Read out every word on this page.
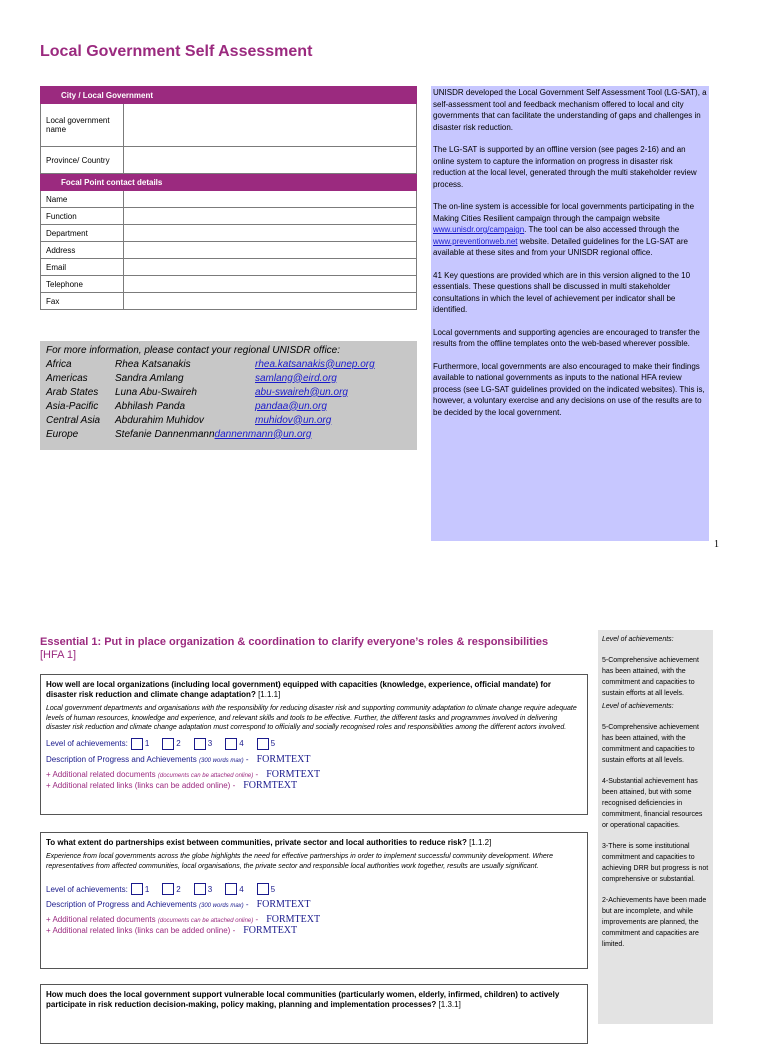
Local Government Self Assessment
City / Local Government	
Local government name	
Province/ Country	
Focal Point contact details	
Name	
Function	
Department	
Address	
Email	
Telephone	
Fax	
For more information, please contact your regional UNISDR office:
Africa	Rhea Katsanakis	rhea.katsanakis@unep.org
Americas	Sandra Amlang	samlang@eird.org
Arab States	Luna Abu-Swaireh	abu-swaireh@un.org
Asia-Pacific	Abhilash Panda	pandaa@un.org
Central Asia	Abdurahim Muhidov	muhidov@un.org
Europe	Stefanie Dannenmann dannenmann@un.org

UNISDR developed the Local Government Self Assessment Tool (LG-SAT), a self-assessment tool and feedback mechanism offered to local and city governments that can facilitate the understanding of gaps and challenges in disaster risk reduction.

The LG-SAT is supported by an offline version (see pages 2-16) and an online system to capture the information on progress in disaster risk reduction at the local level, generated through the multi stakeholder review process.

The on-line system is accessible for local governments participating in the Making Cities Resilient campaign through the campaign website www.unisdr.org/campaign. The tool can be also accessed through the www.preventionweb.net website. Detailed guidelines for the LG-SAT are available at these sites and from your UNISDR regional office.

41 Key questions are provided which are in this version aligned to the 10 essentials. These questions shall be discussed in multi stakeholder consultations in which the level of achievement per indicator shall be identified.

Local governments and supporting agencies are encouraged to transfer the results from the offline templates onto the web-based wherever possible.

Furthermore, local governments are also encouraged to make their findings available to national governments as inputs to the national HFA review process (see LG-SAT guidelines provided on the indicated websites). This is, however, a voluntary exercise and any decisions on use of the results are to be decided by the local government.

1
Essential 1: Put in place organization & coordination to clarify everyone’s roles & responsibilities [HFA 1]
How well are local organizations (including local government) equipped with capacities (knowledge, experience, official mandate) for disaster risk reduction and climate change adaptation? [1.1.1]
Local government departments and organisations with the responsibility for reducing disaster risk and supporting community adaptation to climate change require adequate levels of human resources, knowledge and experience, and relevant skills and tools to be effective. Further, the different tasks and programmes involved in delivering disaster risk reduction and climate change adaptation must correspond to officially and socially recognised roles and responsibilities among the different actors involved.
Level of achievements: 1	2	3	4	5
Description of Progress and Achievements (300 words max) - FORMTEXT
+ Additional related documents (documents can be attached online) - FORMTEXT
+ Additional related links (links can be added online) - FORMTEXT
To what extent do partnerships exist between communities, private sector and local authorities to reduce risk? [1.1.2]
Experience from local governments across the globe highlights the need for effective partnerships in order to implement successful community development. Where representatives from affected communities, local organisations, the private sector and responsible local authorities work together, results are usually significant.
Level of achievements: 1	2	3	4	5
Description of Progress and Achievements (300 words max) - FORMTEXT
+ Additional related documents (documents can be attached online) - FORMTEXT
+ Additional related links (links can be added online) - FORMTEXT
How much does the local government support vulnerable local communities (particularly women, elderly, infirmed, children) to actively participate in risk reduction decision-making, policy making, planning and implementation processes? [1.3.1]
Level of achievements:

5-Comprehensive achievement has been attained, with the commitment and capacities to sustain efforts at all levels.

Level of achievements:

5-Comprehensive achievement has been attained, with the commitment and capacities to sustain efforts at all levels.

4-Substantial achievement has been attained, but with some recognised deficiencies in commitment, financial resources or operational capacities.

3-There is some institutional commitment and capacities to achieving DRR but progress is not comprehensive or substantial.

2-Achievements have been made but are incomplete, and while improvements are planned, the commitment and capacities are limited.
